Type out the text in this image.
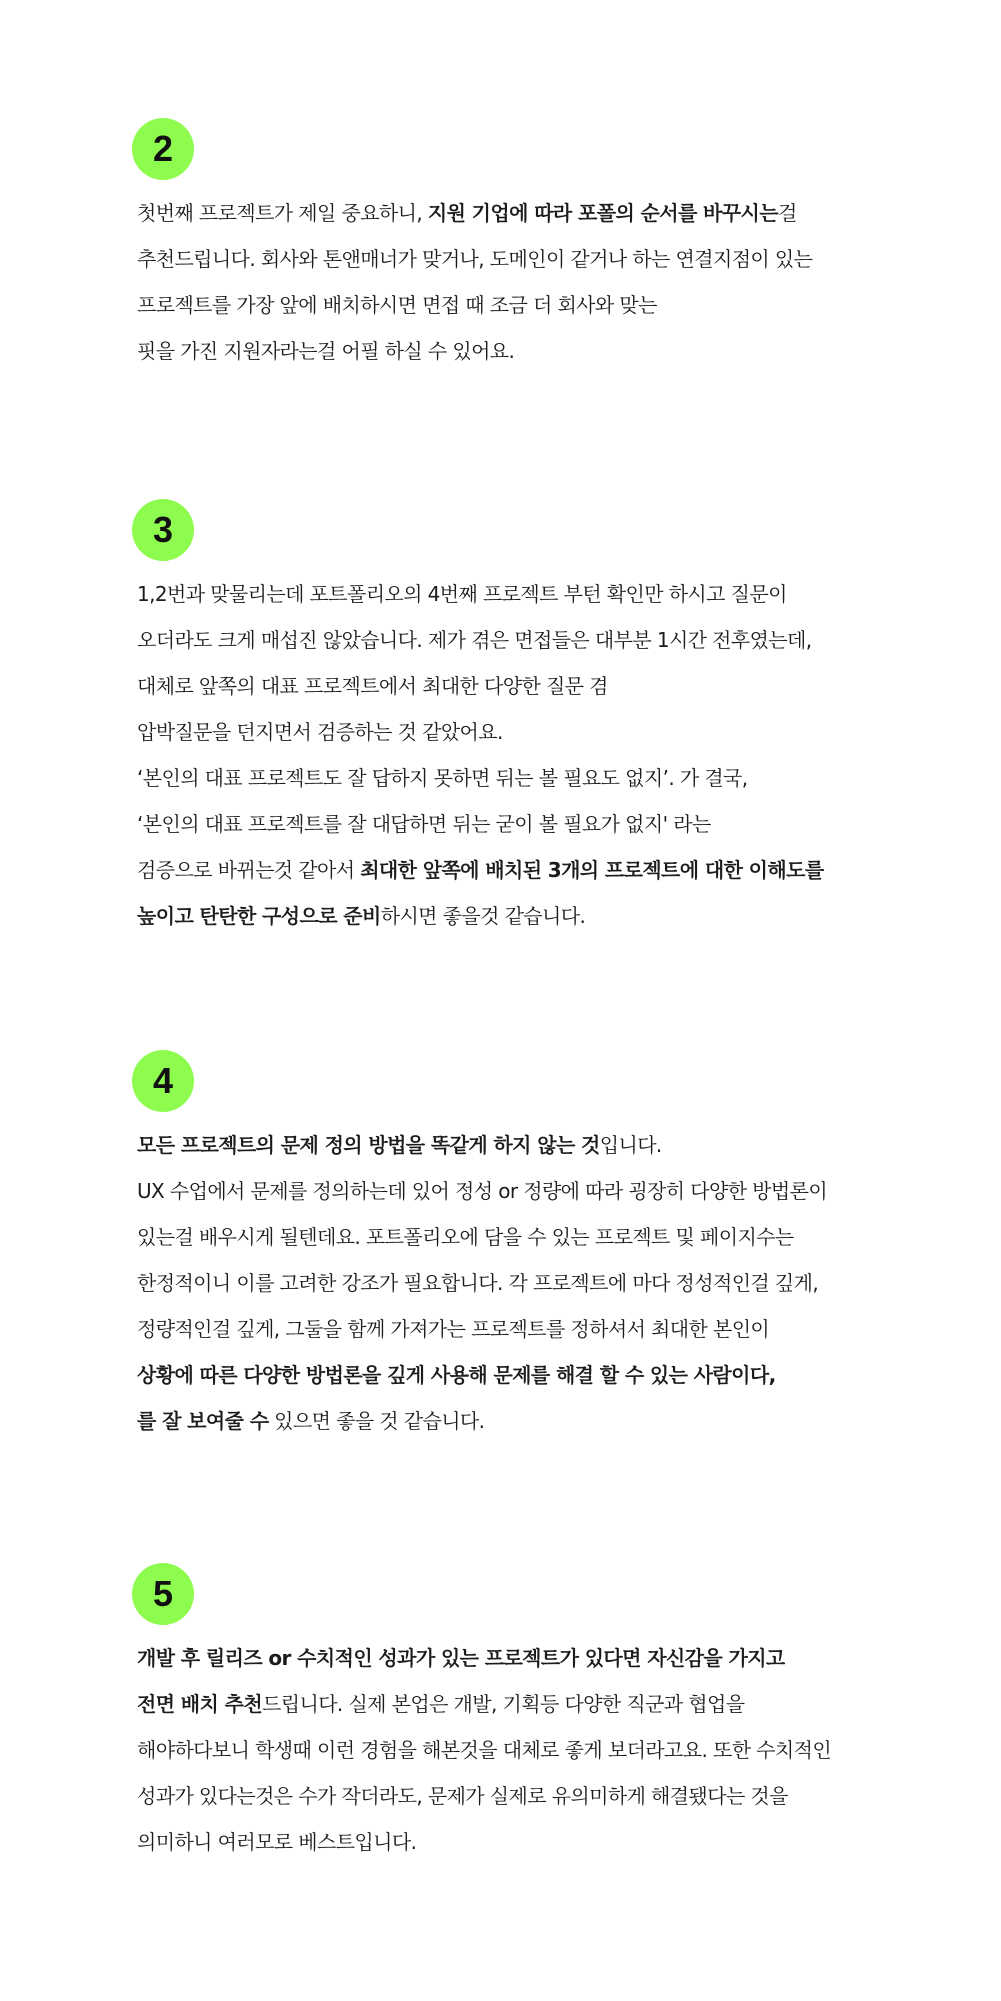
2
첫번째 프로젝트가 제일 중요하니, 지원 기업에 따라 포폴의 순서를 바꾸시는걸
추천드립니다. 회사와 톤앤매너가 맞거나, 도메인이 같거나 하는 연결지점이 있는
프로젝트를 가장 앞에 배치하시면 면접 때 조금 더 회사와 맞는
핏을 가진 지원자라는걸 어필 하실 수 있어요.
3
1,2번과 맞물리는데 포트폴리오의 4번째 프로젝트 부턴 확인만 하시고 질문이
오더라도 크게 매섭진 않았습니다. 제가 겪은 면접들은 대부분 1시간 전후였는데,
대체로 앞쪽의 대표 프로젝트에서 최대한 다양한 질문 겸
압박질문을 던지면서 검증하는 것 같았어요.
‘본인의 대표 프로젝트도 잘 답하지 못하면 뒤는 볼 필요도 없지’. 가 결국,
‘본인의 대표 프로젝트를 잘 대답하면 뒤는 굳이 볼 필요가 없지' 라는
검증으로 바뀌는것 같아서 최대한 앞쪽에 배치된 3개의 프로젝트에 대한 이해도를
높이고 탄탄한 구성으로 준비하시면 좋을것 같습니다.
4
모든 프로젝트의 문제 정의 방법을 똑같게 하지 않는 것입니다.
UX 수업에서 문제를 정의하는데 있어 정성 or 정량에 따라 굉장히 다양한 방법론이
있는걸 배우시게 될텐데요. 포트폴리오에 담을 수 있는 프로젝트 및 페이지수는
한정적이니 이를 고려한 강조가 필요합니다. 각 프로젝트에 마다 정성적인걸 깊게,
정량적인걸 깊게, 그둘을 함께 가져가는 프로젝트를 정하셔서 최대한 본인이
상황에 따른 다양한 방법론을 깊게 사용해 문제를 해결 할 수 있는 사람이다,
를 잘 보여줄 수 있으면 좋을 것 같습니다.
5
개발 후 릴리즈 or 수치적인 성과가 있는 프로젝트가 있다면 자신감을 가지고
전면 배치 추천드립니다. 실제 본업은 개발, 기획등 다양한 직군과 협업을
해야하다보니 학생때 이런 경험을 해본것을 대체로 좋게 보더라고요. 또한 수치적인
성과가 있다는것은 수가 작더라도, 문제가 실제로 유의미하게 해결됐다는 것을
의미하니 여러모로 베스트입니다.
